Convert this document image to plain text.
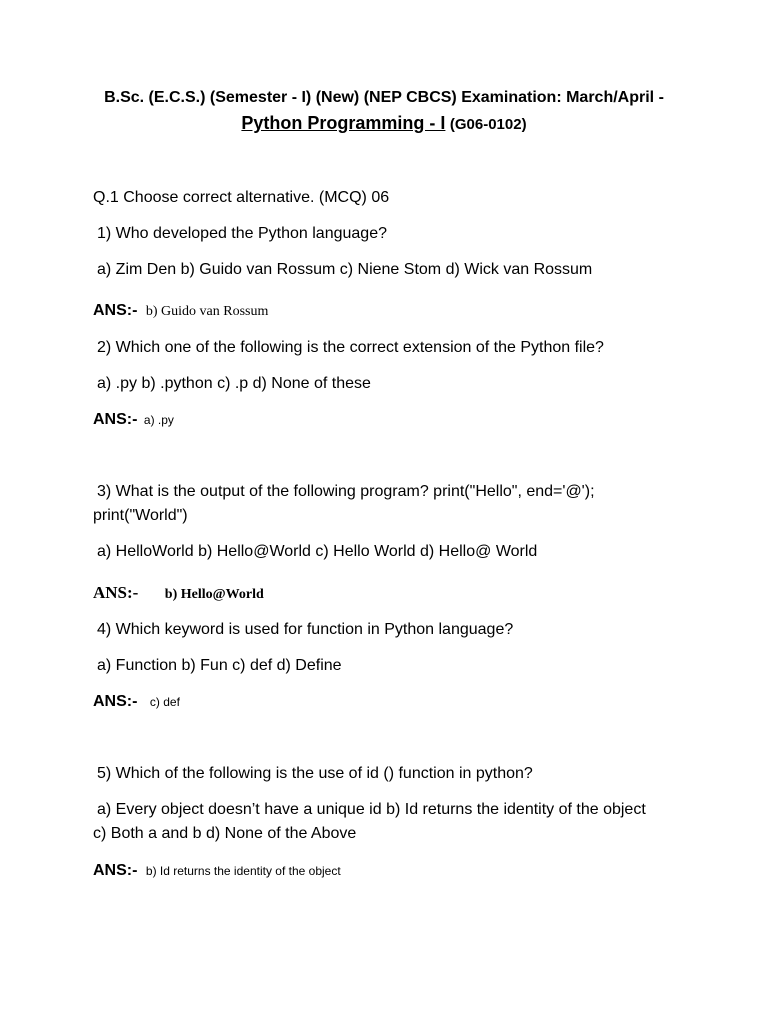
B.Sc. (E.C.S.) (Semester - I) (New) (NEP CBCS) Examination: March/April -
Python Programming - I (G06-0102)
Q.1 Choose correct alternative. (MCQ) 06
1) Who developed the Python language?
a) Zim Den b) Guido van Rossum c) Niene Stom d) Wick van Rossum
ANS:- b) Guido van Rossum
2) Which one of the following is the correct extension of the Python file?
a) .py b) .python c) .p d) None of these
ANS:- a) .py
3) What is the output of the following program? print("Hello", end='@');
print("World")
a) HelloWorld b) Hello@World c) Hello World d) Hello@ World
ANS:- b) Hello@World
4) Which keyword is used for function in Python language?
a) Function b) Fun c) def d) Define
ANS:- c) def
5) Which of the following is the use of id () function in python?
a) Every object doesn’t have a unique id b) Id returns the identity of the object
c) Both a and b d) None of the Above
ANS:- b) Id returns the identity of the object
